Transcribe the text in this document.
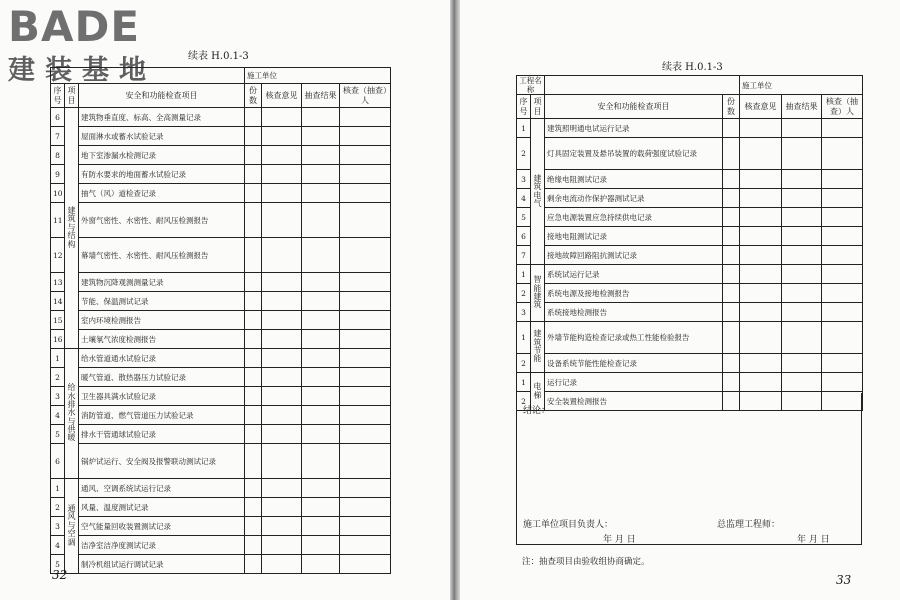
BADE
建装基地	续表 H.0.1-3
续表 H.0.1-3
			施工单位			
序号	项目	安全和功能检查项目	份数	核查意见	抽查结果	核查（抽查）人
6	建筑与结构	建筑物垂直度、标高、全高测量记录				
7		屋面淋水或蓄水试验记录				
8		地下室渗漏水检测记录				
9		有防水要求的地面蓄水试验记录				
10		抽气（风）道检查记录				
11		外窗气密性、水密性、耐风压检测报告				
12		幕墙气密性、水密性、耐风压检测报告				
13		建筑物沉降观测测量记录				
14		节能、保温测试记录				
15		室内环境检测报告				
16		土壤氡气浓度检测报告				
1	给水排水与供暖	给水管道通水试验记录				
2		暖气管道、散热器压力试验记录				
3		卫生器具满水试验记录				
4		消防管道、燃气管道压力试验记录				
5		排水干管通球试验记录				
6		锅炉试运行、安全阀及报警联动测试记录				
1	通风与空调	通风、空调系统试运行记录				
2		风量、温度测试记录				
3		空气能量回收装置测试记录				
4		洁净室洁净度测试记录				
5		制冷机组试运行调试记录				
工程名称				施工单位		
序号	项目	安全和功能检查项目	份数	核查意见	抽查结果	核查（抽查）人
1	建筑电气	建筑照明通电试运行记录				
2		灯具固定装置及悬吊装置的载荷强度试验记录				
3		绝缘电阻测试记录				
4		剩余电流动作保护器测试记录				
5		应急电源装置应急持续供电记录				
6		接地电阻测试记录				
7		接地故障回路阻抗测试记录				
1	智能建筑	系统试运行记录				
2		系统电源及接地检测报告				
3		系统接地检测报告				
1	建筑节能	外墙节能构造检查记录或热工性能检验报告				
2		设备系统节能性能检查记录				
1	电梯	运行记录				
2		安全装置检测报告				
结论：
施工单位项目负责人：	总监理工程师：
年 月 日	年 月 日
注：抽查项目由验收组协商确定。
32	33
